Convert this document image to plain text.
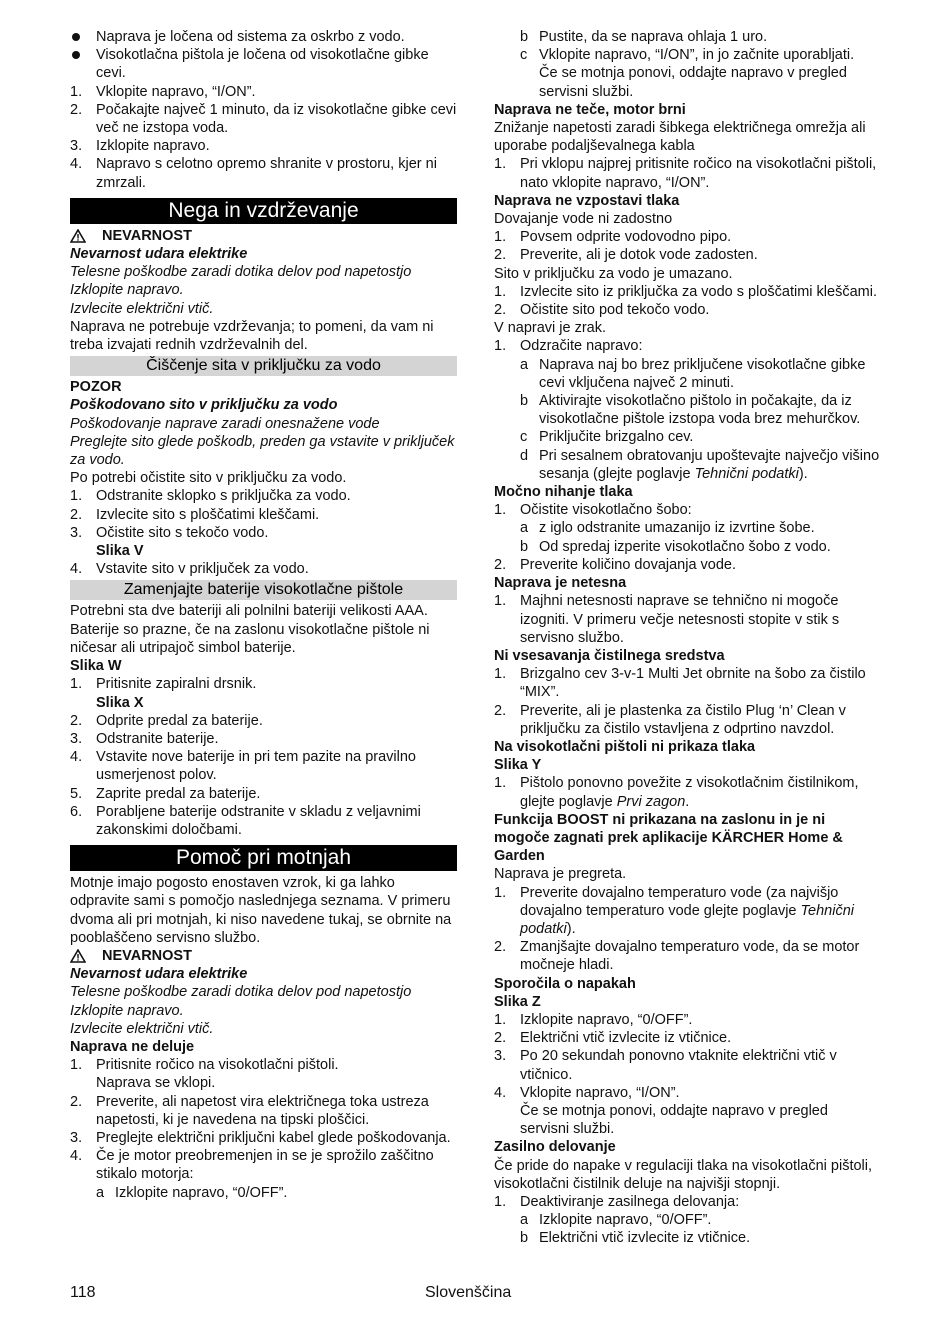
Naprava je ločena od sistema za oskrbo z vodo.
Visokotlačna pištola je ločena od visokotlačne gibke cevi.
1. Vklopite napravo, “I/ON”.
2. Počakajte največ 1 minuto, da iz visokotlačne gibke cevi več ne izstopa voda.
3. Izklopite napravo.
4. Napravo s celotno opremo shranite v prostoru, kjer ni zmrzali.
Nega in vzdrževanje
NEVARNOST
Nevarnost udara elektrike
Telesne poškodbe zaradi dotika delov pod napetostjo
Izklopite napravo.
Izvlecite električni vtič.
Naprava ne potrebuje vzdrževanja; to pomeni, da vam ni treba izvajati rednih vzdrževalnih del.
Čiščenje sita v priključku za vodo
POZOR
Poškodovano sito v priključku za vodo
Poškodovanje naprave zaradi onesnažene vode
Preglejte sito glede poškodb, preden ga vstavite v priključek za vodo.
Po potrebi očistite sito v priključku za vodo.
1. Odstranite sklopko s priključka za vodo.
2. Izvlecite sito s ploščatimi kleščami.
3. Očistite sito s tekočo vodo.
Slika V
4. Vstavite sito v priključek za vodo.
Zamenjajte baterije visokotlačne pištole
Potrebni sta dve bateriji ali polnilni bateriji velikosti AAA.
Baterije so prazne, če na zaslonu visokotlačne pištole ni ničesar ali utripajoč simbol baterije.
Slika W
1. Pritisnite zapiralni drsnik.
Slika X
2. Odprite predal za baterije.
3. Odstranite baterije.
4. Vstavite nove baterije in pri tem pazite na pravilno usmerjenost polov.
5. Zaprite predal za baterije.
6. Porabljene baterije odstranite v skladu z veljavnimi zakonskimi določbami.
Pomoč pri motnjah
Motnje imajo pogosto enostaven vzrok, ki ga lahko odpravite sami s pomočjo naslednjega seznama. V primeru dvoma ali pri motnjah, ki niso navedene tukaj, se obrnite na pooblaščeno servisno službo.
NEVARNOST
Nevarnost udara elektrike
Telesne poškodbe zaradi dotika delov pod napetostjo
Izklopite napravo.
Izvlecite električni vtič.
Naprava ne deluje
1. Pritisnite ročico na visokotlačni pištoli.
Naprava se vklopi.
2. Preverite, ali napetost vira električnega toka ustreza napetosti, ki je navedena na tipski ploščici.
3. Preglejte električni priključni kabel glede poškodovanja.
4. Če je motor preobremenjen in se je sprožilo zaščitno stikalo motorja:
a Izklopite napravo, “0/OFF”.
b Pustite, da se naprava ohlaja 1 uro.
c Vklopite napravo, “I/ON”, in jo začnite uporabljati.
Če se motnja ponovi, oddajte napravo v pregled servisni službi.
Naprava ne teče, motor brni
Znižanje napetosti zaradi šibkega električnega omrežja ali uporabe podaljševalnega kabla
1. Pri vklopu najprej pritisnite ročico na visokotlačni pištoli, nato vklopite napravo, “I/ON”.
Naprava ne vzpostavi tlaka
Dovajanje vode ni zadostno
1. Povsem odprite vodovodno pipo.
2. Preverite, ali je dotok vode zadosten.
Sito v priključku za vodo je umazano.
1. Izvlecite sito iz priključka za vodo s ploščatimi kleščami.
2. Očistite sito pod tekočo vodo.
V napravi je zrak.
1. Odzračite napravo:
a Naprava naj bo brez priključene visokotlačne gibke cevi vključena največ 2 minuti.
b Aktivirajte visokotlačno pištolo in počakajte, da iz visokotlačne pištole izstopa voda brez mehurčkov.
c Priključite brizgalno cev.
d Pri sesalnem obratovanju upoštevajte največjo višino sesanja (glejte poglavje Tehnični podatki).
Močno nihanje tlaka
1. Očistite visokotlačno šobo:
a z iglo odstranite umazanijo iz izvrtine šobe.
b Od spredaj izperite visokotlačno šobo z vodo.
2. Preverite količino dovajanja vode.
Naprava je netesna
1. Majhni netesnosti naprave se tehnično ni mogoče izogniti. V primeru večje netesnosti stopite v stik s servisno službo.
Ni vsesavanja čistilnega sredstva
1. Brizgalno cev 3-v-1 Multi Jet obrnite na šobo za čistilo “MIX”.
2. Preverite, ali je plastenka za čistilo Plug ‘n’ Clean v priključku za čistilo vstavljena z odprtino navzdol.
Na visokotlačni pištoli ni prikaza tlaka
Slika Y
1. Pištolo ponovno povežite z visokotlačnim čistilnikom, glejte poglavje Prvi zagon.
Funkcija BOOST ni prikazana na zaslonu in je ni mogoče zagnati prek aplikacije KÄRCHER Home & Garden
Naprava je pregreta.
1. Preverite dovajalno temperaturo vode (za najvišjo dovajalno temperaturo vode glejte poglavje Tehnični podatki).
2. Zmanjšajte dovajalno temperaturo vode, da se motor močneje hladi.
Sporočila o napakah
Slika Z
1. Izklopite napravo, “0/OFF”.
2. Električni vtič izvlecite iz vtičnice.
3. Po 20 sekundah ponovno vtaknite električni vtič v vtičnico.
4. Vklopite napravo, “I/ON”.
Če se motnja ponovi, oddajte napravo v pregled servisni službi.
Zasilno delovanje
Če pride do napake v regulaciji tlaka na visokotlačni pištoli, visokotlačni čistilnik deluje na najvišji stopnji.
1. Deaktiviranje zasilnega delovanja:
a Izklopite napravo, “0/OFF”.
b Električni vtič izvlecite iz vtičnice.
118	Slovenščina
